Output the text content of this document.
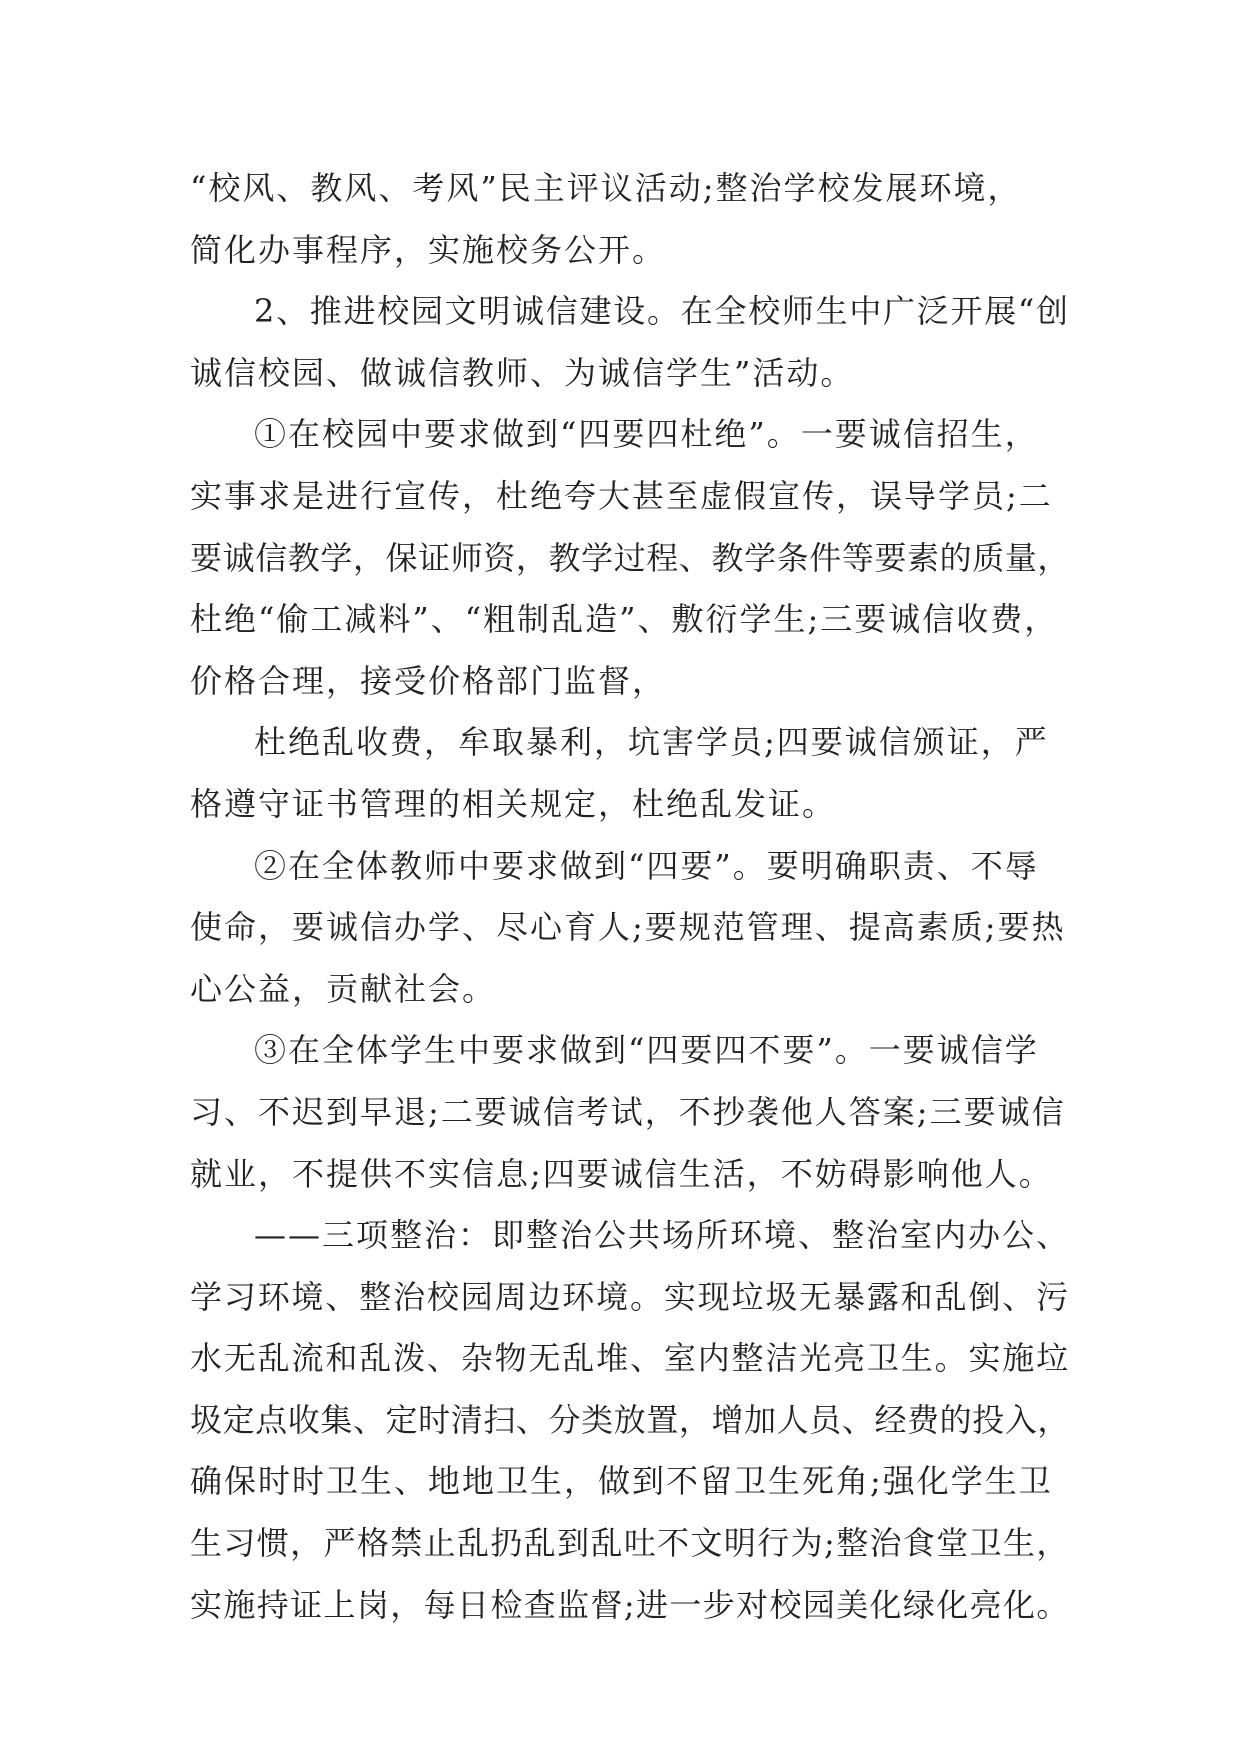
“校风、教风、考风”民主评议活动;整治学校发展环境，
简化办事程序，实施校务公开。
2、推进校园文明诚信建设。在全校师生中广泛开展“创
诚信校园、做诚信教师、为诚信学生”活动。
①在校园中要求做到“四要四杜绝”。一要诚信招生，
实事求是进行宣传，杜绝夸大甚至虚假宣传，误导学员;二
要诚信教学，保证师资，教学过程、教学条件等要素的质量，
杜绝“偷工减料”、“粗制乱造”、敷衍学生;三要诚信收费，
价格合理，接受价格部门监督，
杜绝乱收费，牟取暴利，坑害学员;四要诚信颁证，严
格遵守证书管理的相关规定，杜绝乱发证。
②在全体教师中要求做到“四要”。要明确职责、不辱
使命，要诚信办学、尽心育人;要规范管理、提高素质;要热
心公益，贡献社会。
③在全体学生中要求做到“四要四不要”。一要诚信学
习、不迟到早退;二要诚信考试，不抄袭他人答案;三要诚信
就业，不提供不实信息;四要诚信生活，不妨碍影响他人。
——三项整治：即整治公共场所环境、整治室内办公、
学习环境、整治校园周边环境。实现垃圾无暴露和乱倒、污
水无乱流和乱泼、杂物无乱堆、室内整洁光亮卫生。实施垃
圾定点收集、定时清扫、分类放置，增加人员、经费的投入，
确保时时卫生、地地卫生，做到不留卫生死角;强化学生卫
生习惯，严格禁止乱扔乱到乱吐不文明行为;整治食堂卫生，
实施持证上岗，每日检查监督;进一步对校园美化绿化亮化。
